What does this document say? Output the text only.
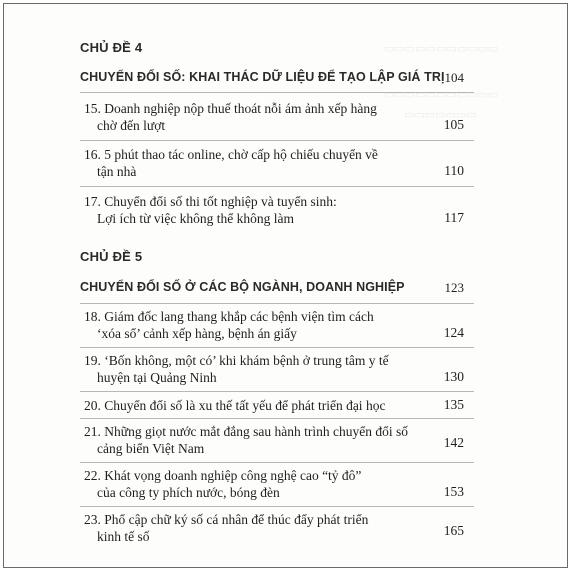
▭▭▭▭▭▭▭▭▭▭▭
▭▭▭▭▭▭▭▭▭▭▭
▭▭▭▭▭▭▭
CHỦ ĐỀ 4
CHUYỂN ĐỔI SỐ: KHAI THÁC DỮ LIỆU ĐỂ TẠO LẬP GIÁ TRỊ 104
15. Doanh nghiệp nộp thuế thoát nỗi ám ảnh xếp hàng
chờ đến lượt	105
16. 5 phút thao tác online, chờ cấp hộ chiếu chuyển về
tận nhà	110
17. Chuyển đổi số thi tốt nghiệp và tuyển sinh:
Lợi ích từ việc không thể không làm	117
CHỦ ĐỀ 5
CHUYỂN ĐỔI SỐ Ở CÁC BỘ NGÀNH, DOANH NGHIỆP	123
18. Giám đốc lang thang khắp các bệnh viện tìm cách
‘xóa sổ’ cảnh xếp hàng, bệnh án giấy	124
19. ‘Bốn không, một có’ khi khám bệnh ở trung tâm y tế
huyện tại Quảng Ninh	130
20. Chuyển đổi số là xu thế tất yếu để phát triển đại học	135
21. Những giọt nước mắt đắng sau hành trình chuyển đổi số
cảng biển Việt Nam	142
22. Khát vọng doanh nghiệp công nghệ cao “tỷ đô”
của công ty phích nước, bóng đèn	153
23. Phổ cập chữ ký số cá nhân để thúc đẩy phát triển
kinh tế số	165
